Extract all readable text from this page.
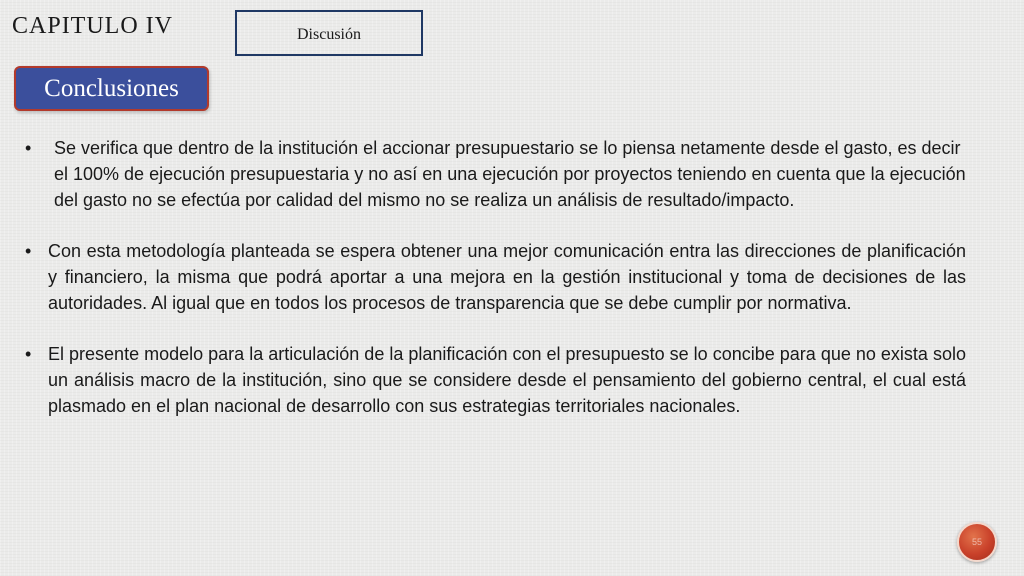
CAPITULO IV	Discusión
Conclusiones
•	Se verifica que dentro de la institución el accionar presupuestario se lo piensa netamente desde el gasto, es decir el 100% de ejecución presupuestaria y no así en una ejecución por proyectos teniendo en cuenta que la ejecución del gasto no se efectúa por calidad del mismo no se realiza un análisis de resultado/impacto.
• Con esta metodología planteada se espera obtener una mejor comunicación entra las direcciones de planificación y financiero, la misma que podrá aportar a una mejora en la gestión institucional y toma de decisiones de las autoridades. Al igual que en todos los procesos de transparencia que se debe cumplir por normativa.
• El presente modelo para la articulación de la planificación con el presupuesto se lo concibe para que no exista solo un análisis macro de la institución, sino que se considere desde el pensamiento del gobierno central, el cual está plasmado en el plan nacional de desarrollo con sus estrategias territoriales nacionales.
55
